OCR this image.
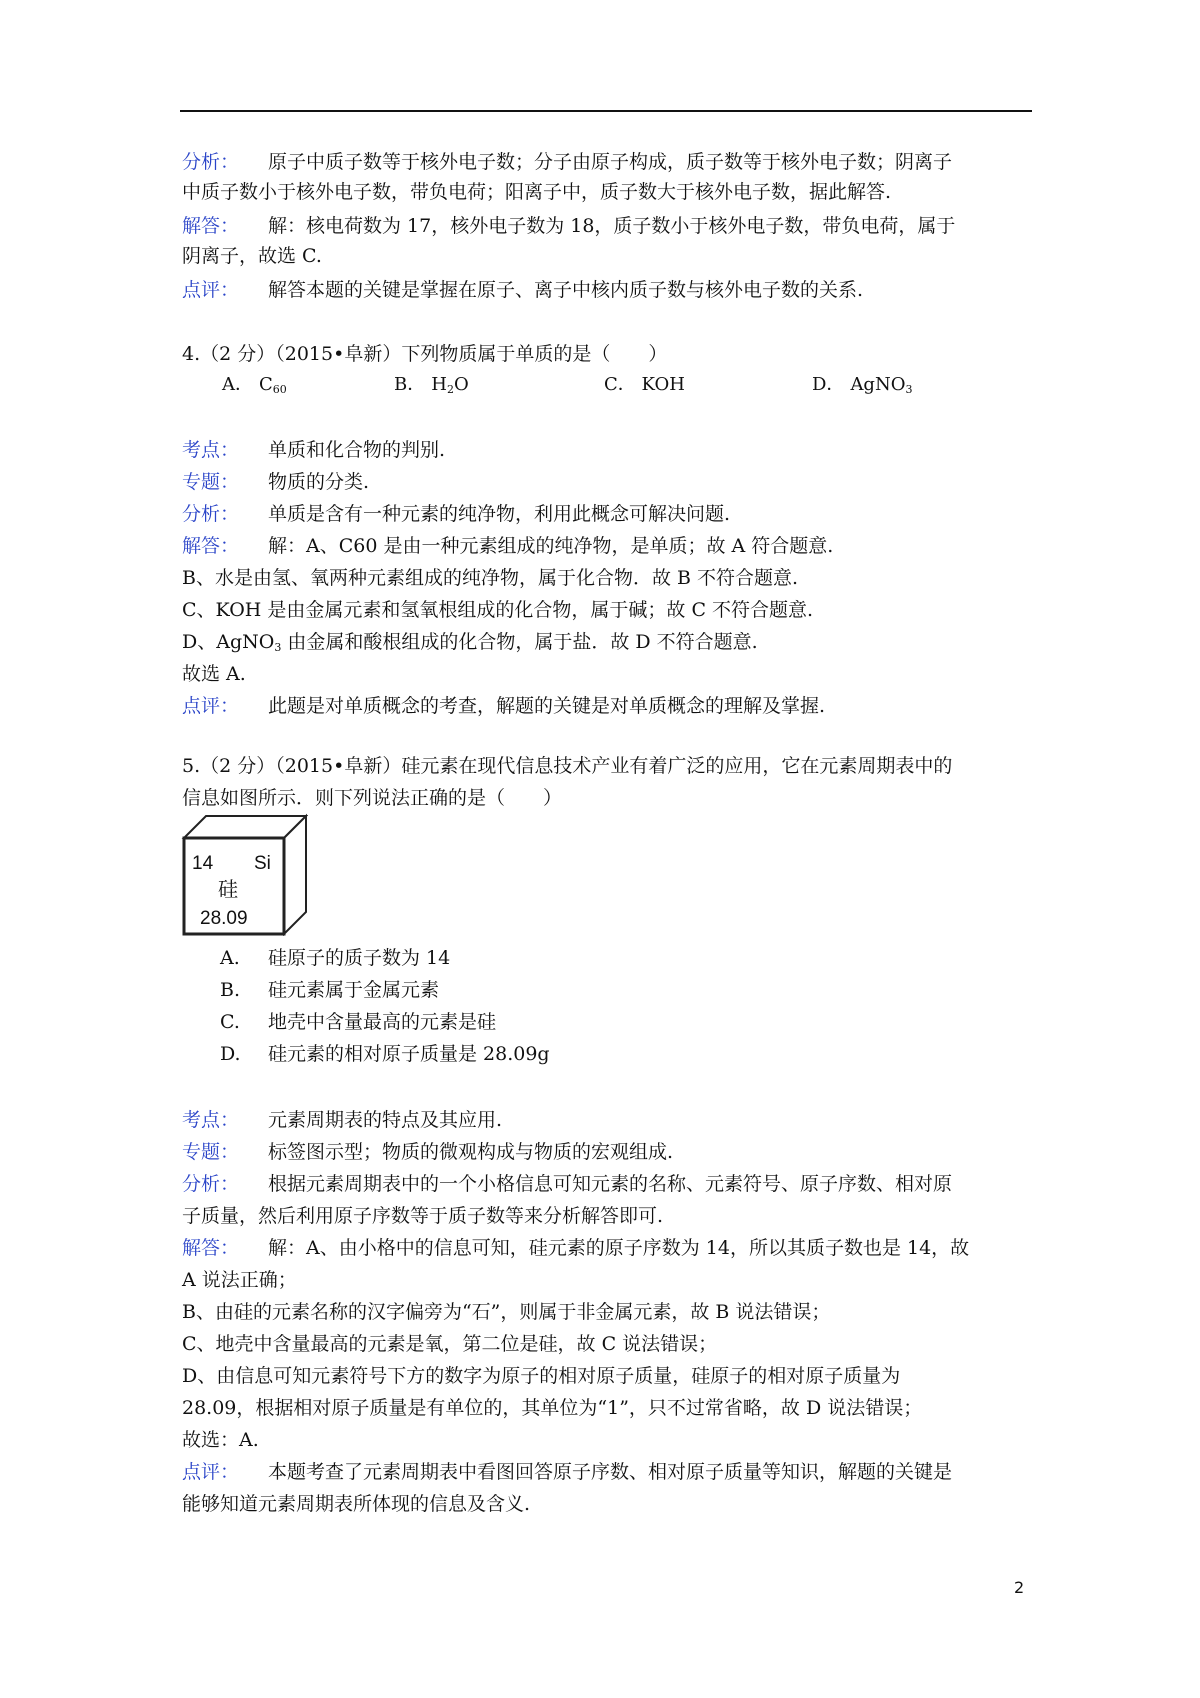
分析： 原子中质子数等于核外电子数；分子由原子构成，质子数等于核外电子数；阴离子
中质子数小于核外电子数，带负电荷；阳离子中，质子数大于核外电子数，据此解答.
解答： 解：核电荷数为 17，核外电子数为 18，质子数小于核外电子数，带负电荷，属于
阴离子，故选 C.
点评： 解答本题的关键是掌握在原子、离子中核内质子数与核外电子数的关系.
4.（2 分）（2015•阜新）下列物质属于单质的是（　　）
A． $C_{60}$	B． $H_2O$	C． KOH	D． AgNO$_3$
考点： 单质和化合物的判别.
专题： 物质的分类.
分析： 单质是含有一种元素的纯净物，利用此概念可解决问题.
解答： 解：A、C60 是由一种元素组成的纯净物，是单质；故 A 符合题意.
B、水是由氢、氧两种元素组成的纯净物，属于化合物．故 B 不符合题意.
C、KOH 是由金属元素和氢氧根组成的化合物，属于碱；故 C 不符合题意.
D、AgNO$_3$ 由金属和酸根组成的化合物，属于盐．故 D 不符合题意.
故选 A.
点评： 此题是对单质概念的考查，解题的关键是对单质概念的理解及掌握.
5.（2 分）（2015•阜新）硅元素在现代信息技术产业有着广泛的应用，它在元素周期表中的
信息如图所示．则下列说法正确的是（　　）
14 Si
硅
28.09
A. 硅原子的质子数为 14
B. 硅元素属于金属元素
C. 地壳中含量最高的元素是硅
D. 硅元素的相对原子质量是 28.09g
考点： 元素周期表的特点及其应用.
专题： 标签图示型；物质的微观构成与物质的宏观组成.
分析： 根据元素周期表中的一个小格信息可知元素的名称、元素符号、原子序数、相对原
子质量，然后利用原子序数等于质子数等来分析解答即可.
解答： 解：A、由小格中的信息可知，硅元素的原子序数为 14，所以其质子数也是 14，故
A 说法正确；
B、由硅的元素名称的汉字偏旁为“石”，则属于非金属元素，故 B 说法错误；
C、地壳中含量最高的元素是氧，第二位是硅，故 C 说法错误；
D、由信息可知元素符号下方的数字为原子的相对原子质量，硅原子的相对原子质量为
28.09，根据相对原子质量是有单位的，其单位为“1”，只不过常省略，故 D 说法错误；
故选：A.
点评： 本题考查了元素周期表中看图回答原子序数、相对原子质量等知识，解题的关键是
能够知道元素周期表所体现的信息及含义.
2
